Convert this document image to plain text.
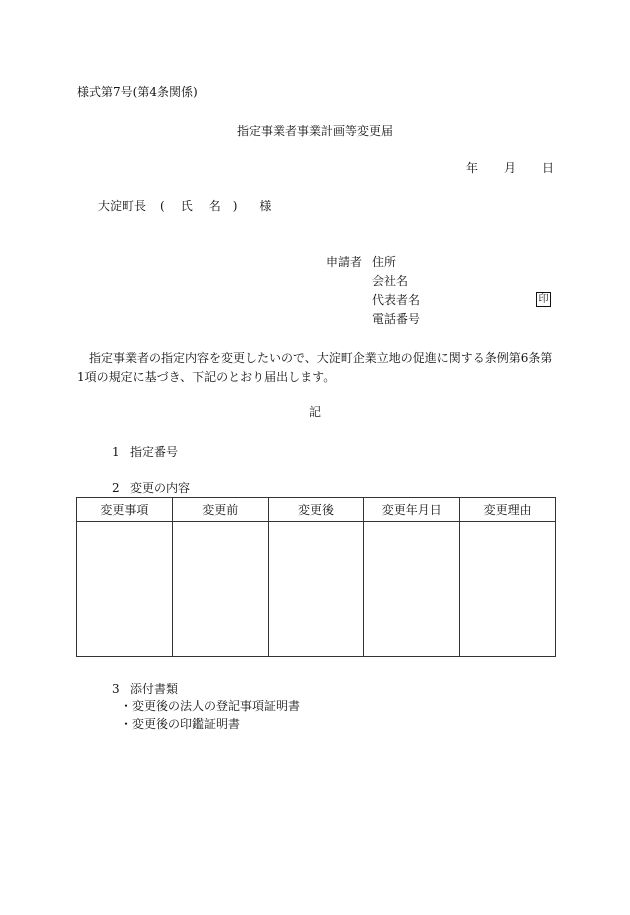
様式第7号(第4条関係)
指定事業者事業計画等変更届
年 月 日
大淀町長 ( 氏 名 ) 様
申請者 住所
会社名
代表者名	印
電話番号
指定事業者の指定内容を変更したいので、大淀町企業立地の促進に関する条例第6条第1項の規定に基づき、下記のとおり届出します。
記
1 指定番号
2 変更の内容
変更事項	変更前	変更後	変更年月日	変更理由

3 添付書類
・変更後の法人の登記事項証明書
・変更後の印鑑証明書
